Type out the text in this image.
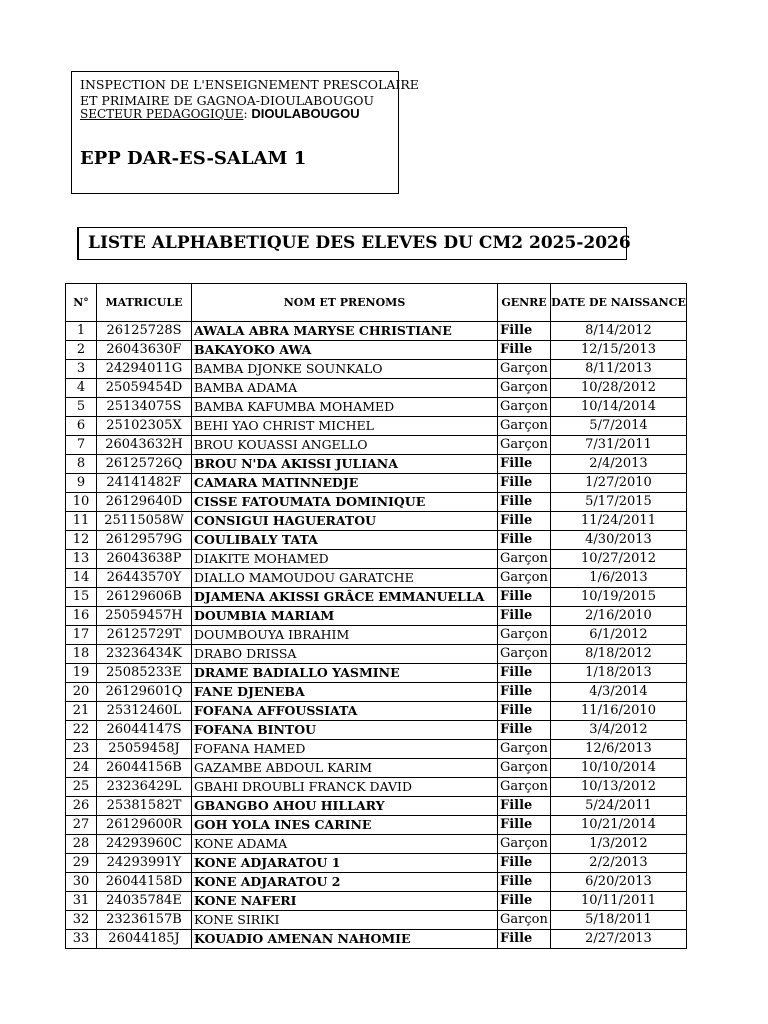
INSPECTION DE L'ENSEIGNEMENT PRESCOLAIRE
ET PRIMAIRE DE GAGNOA-DIOULABOUGOU
SECTEUR PEDAGOGIQUE: DIOULABOUGOU
EPP DAR-ES-SALAM 1
LISTE ALPHABETIQUE DES ELEVES DU CM2 2025-2026
N°	MATRICULE	NOM ET PRENOMS	GENRE	DATE DE NAISSANCE
1	26125728S	AWALA ABRA MARYSE CHRISTIANE	Fille	8/14/2012
2	26043630F	BAKAYOKO AWA	Fille	12/15/2013
3	24294011G	BAMBA DJONKE SOUNKALO	Garçon	8/11/2013
4	25059454D	BAMBA ADAMA	Garçon	10/28/2012
5	25134075S	BAMBA KAFUMBA MOHAMED	Garçon	10/14/2014
6	25102305X	BEHI YAO CHRIST MICHEL	Garçon	5/7/2014
7	26043632H	BROU KOUASSI ANGELLO	Garçon	7/31/2011
8	26125726Q	BROU N'DA AKISSI JULIANA	Fille	2/4/2013
9	24141482F	CAMARA MATINNEDJE	Fille	1/27/2010
10	26129640D	CISSE FATOUMATA DOMINIQUE	Fille	5/17/2015
11	25115058W	CONSIGUI HAGUERATOU	Fille	11/24/2011
12	26129579G	COULIBALY TATA	Fille	4/30/2013
13	26043638P	DIAKITE MOHAMED	Garçon	10/27/2012
14	26443570Y	DIALLO MAMOUDOU GARATCHE	Garçon	1/6/2013
15	26129606B	DJAMENA AKISSI GRÂCE EMMANUELLA	Fille	10/19/2015
16	25059457H	DOUMBIA MARIAM	Fille	2/16/2010
17	26125729T	DOUMBOUYA IBRAHIM	Garçon	6/1/2012
18	23236434K	DRABO DRISSA	Garçon	8/18/2012
19	25085233E	DRAME BADIALLO YASMINE	Fille	1/18/2013
20	26129601Q	FANE DJENEBA	Fille	4/3/2014
21	25312460L	FOFANA AFFOUSSIATA	Fille	11/16/2010
22	26044147S	FOFANA BINTOU	Fille	3/4/2012
23	25059458J	FOFANA HAMED	Garçon	12/6/2013
24	26044156B	GAZAMBE ABDOUL KARIM	Garçon	10/10/2014
25	23236429L	GBAHI DROUBLI FRANCK DAVID	Garçon	10/13/2012
26	25381582T	GBANGBO AHOU HILLARY	Fille	5/24/2011
27	26129600R	GOH YOLA INES CARINE	Fille	10/21/2014
28	24293960C	KONE ADAMA	Garçon	1/3/2012
29	24293991Y	KONE ADJARATOU 1	Fille	2/2/2013
30	26044158D	KONE ADJARATOU 2	Fille	6/20/2013
31	24035784E	KONE NAFERI	Fille	10/11/2011
32	23236157B	KONE SIRIKI	Garçon	5/18/2011
33	26044185J	KOUADIO AMENAN NAHOMIE	Fille	2/27/2013
